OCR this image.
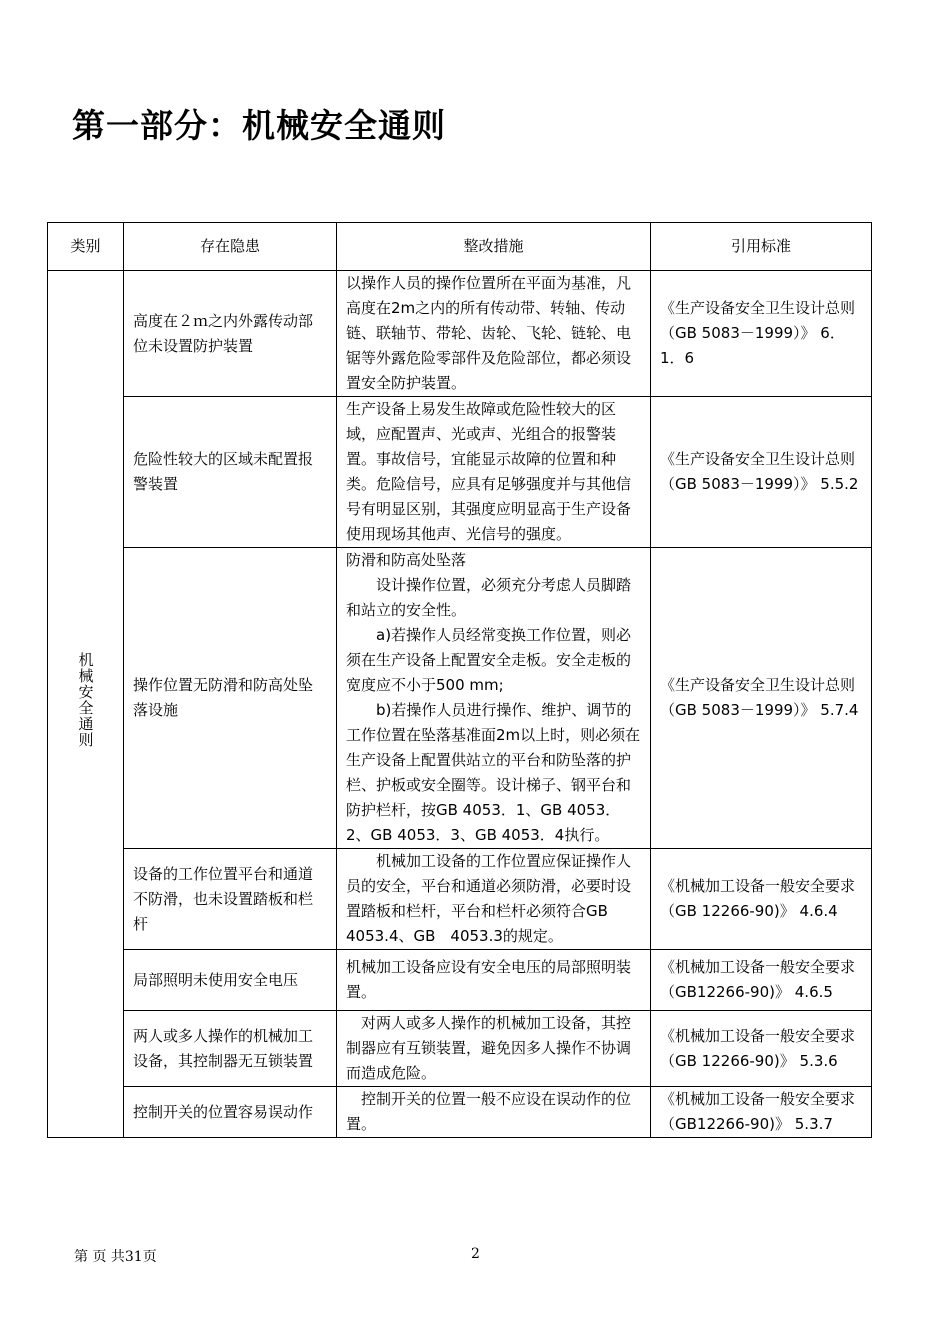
第一部分：机械安全通则
类别	存在隐患	整改措施	引用标准
机械安全通则	高度在２ｍ之内外露传动部位未设置防护装置	以操作人员的操作位置所在平面为基准，凡高度在2m之内的所有传动带、转轴、传动链、联轴节、带轮、齿轮、飞轮、链轮、电锯等外露危险零部件及危险部位，都必须设置安全防护装置。	《生产设备安全卫生设计总则（GB 5083－1999）》 6．1．6
	危险性较大的区域未配置报警装置	生产设备上易发生故障或危险性较大的区域，应配置声、光或声、光组合的报警装置。事故信号，宜能显示故障的位置和种类。危险信号，应具有足够强度并与其他信号有明显区别，其强度应明显高于生产设备使用现场其他声、光信号的强度。	《生产设备安全卫生设计总则（GB 5083－1999）》 5.5.2
	操作位置无防滑和防高处坠落设施	防滑和防高处坠落
设计操作位置，必须充分考虑人员脚踏和站立的安全性。
a)若操作人员经常变换工作位置，则必须在生产设备上配置安全走板。安全走板的宽度应不小于500 mm;
b)若操作人员进行操作、维护、调节的工作位置在坠落基准面2m以上时，则必须在生产设备上配置供站立的平台和防坠落的护栏、护板或安全圈等。设计梯子、钢平台和防护栏杆，按GB 4053．1、GB 4053．2、GB 4053．3、GB 4053．4执行。	《生产设备安全卫生设计总则（GB 5083－1999）》 5.7.4
	设备的工作位置平台和通道不防滑，也未设置踏板和栏杆	机械加工设备的工作位置应保证操作人员的安全，平台和通道必须防滑，必要时设置踏板和栏杆，平台和栏杆必须符合GB　4053.4、GB　4053.3的规定。	《机械加工设备一般安全要求（GB 12266-90)》 4.6.4
	局部照明未使用安全电压	机械加工设备应设有安全电压的局部照明装置。	《机械加工设备一般安全要求（GB12266-90)》 4.6.5
	两人或多人操作的机械加工设备，其控制器无互锁装置	对两人或多人操作的机械加工设备，其控制器应有互锁装置，避免因多人操作不协调而造成危险。	《机械加工设备一般安全要求（GB 12266-90)》 5.3.6
	控制开关的位置容易误动作	控制开关的位置一般不应设在误动作的位置。	《机械加工设备一般安全要求（GB12266-90)》 5.3.7
第 页 共31页	2
